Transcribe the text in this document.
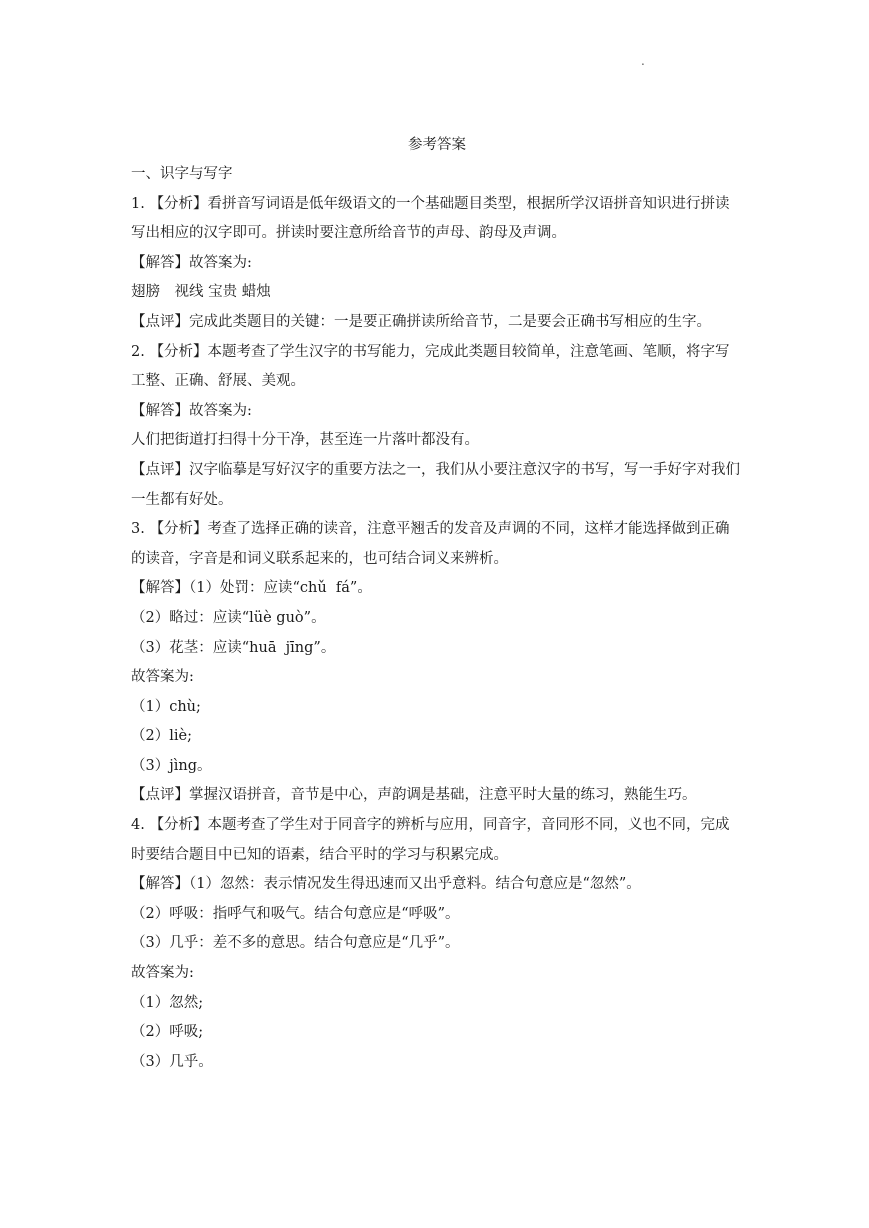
.
参考答案
一、识字与写字
1. 【分析】看拼音写词语是低年级语文的一个基础题目类型，根据所学汉语拼音知识进行拼读写出相应的汉字即可。拼读时要注意所给音节的声母、韵母及声调。
【解答】故答案为:
翅膀　视线 宝贵 蜡烛
【点评】完成此类题目的关键：一是要正确拼读所给音节，二是要会正确书写相应的生字。
2. 【分析】本题考查了学生汉字的书写能力，完成此类题目较简单，注意笔画、笔顺，将字写工整、正确、舒展、美观。
【解答】故答案为:
人们把街道打扫得十分干净，甚至连一片落叶都没有。
【点评】汉字临摹是写好汉字的重要方法之一，我们从小要注意汉字的书写，写一手好字对我们一生都有好处。
3. 【分析】考查了选择正确的读音，注意平翘舌的发音及声调的不同，这样才能选择做到正确的读音，字音是和词义联系起来的，也可结合词义来辨析。
【解答】（1）处罚：应读“chǔ  fá”。
（2）略过：应读“lüè guò”。
（3）花茎：应读“huā  jīng”。
故答案为:
（1）chù;
（2）liè;
（3）jìng。
【点评】掌握汉语拼音，音节是中心，声韵调是基础，注意平时大量的练习，熟能生巧。
4. 【分析】本题考查了学生对于同音字的辨析与应用，同音字，音同形不同，义也不同，完成时要结合题目中已知的语素，结合平时的学习与积累完成。
【解答】（1）忽然：表示情况发生得迅速而又出乎意料。结合句意应是“忽然”。
（2）呼吸：指呼气和吸气。结合句意应是“呼吸”。
（3）几乎：差不多的意思。结合句意应是“几乎”。
故答案为:
（1）忽然;
（2）呼吸;
（3）几乎。
